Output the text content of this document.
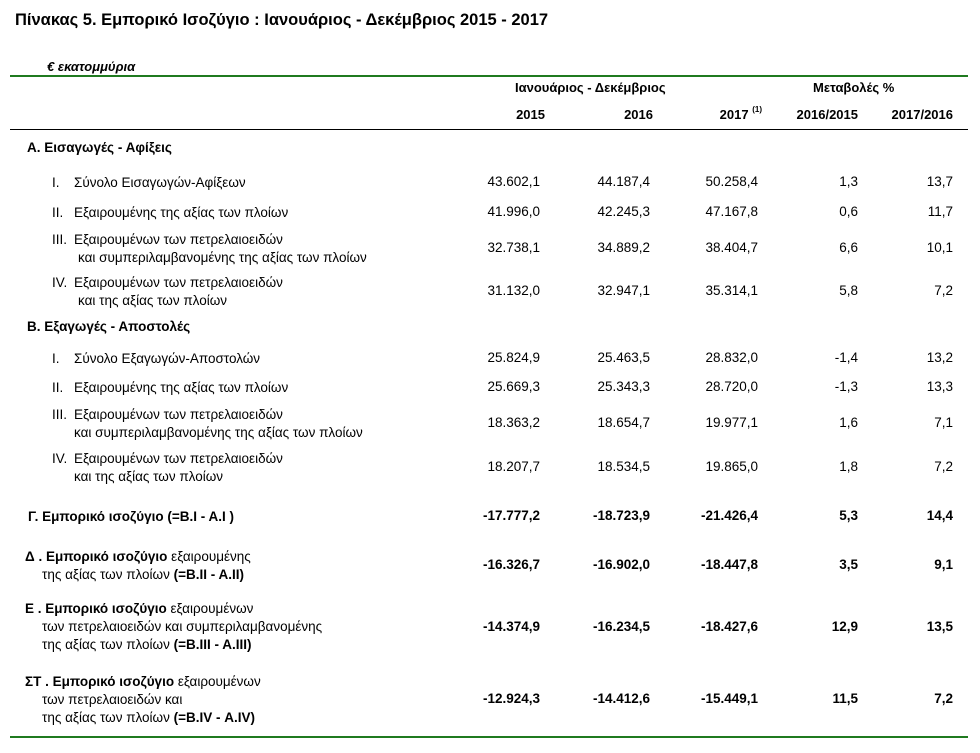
Πίνακας 5. Εμπορικό Ισοζύγιο : Ιανουάριος - Δεκέμβριος 2015 - 2017
€ εκατομμύρια
Ιανουάριος - Δεκέμβριος	Μεταβολές %
2015	2016	2017 $^{(1)}$	2016/2015	2017/2016
Α. Εισαγωγές - Αφίξεις
I. Σύνολο Εισαγωγών-Αφίξεων	43.602,1	44.187,4	50.258,4	1,3	13,7
II. Εξαιρουμένης της αξίας των πλοίων	41.996,0	42.245,3	47.167,8	0,6	11,7
III. Εξαιρουμένων των πετρελαιοειδών
και συμπεριλαμβανομένης της αξίας των πλοίων
32.738,1	34.889,2	38.404,7	6,6	10,1
IV. Εξαιρουμένων των πετρελαιοειδών
και της αξίας των πλοίων
31.132,0	32.947,1	35.314,1	5,8	7,2
Β. Εξαγωγές - Αποστολές
I. Σύνολο Εξαγωγών-Αποστολών	25.824,9	25.463,5	28.832,0	-1,4	13,2
II. Εξαιρουμένης της αξίας των πλοίων	25.669,3	25.343,3	28.720,0	-1,3	13,3
III. Εξαιρουμένων των πετρελαιοειδών
και συμπεριλαμβανομένης της αξίας των πλοίων
18.363,2	18.654,7	19.977,1	1,6	7,1
IV. Εξαιρουμένων των πετρελαιοειδών
και της αξίας των πλοίων
18.207,7	18.534,5	19.865,0	1,8	7,2
Γ. Εμπορικό ισοζύγιο (=Β.Ι - Α.Ι )	-17.777,2	-18.723,9	-21.426,4	5,3	14,4
Δ . Εμπορικό ισοζύγιο εξαιρουμένης
της αξίας των πλοίων (=Β.ΙΙ - Α.ΙΙ)
-16.326,7	-16.902,0	-18.447,8	3,5	9,1
Ε . Εμπορικό ισοζύγιο εξαιρουμένων
των πετρελαιοειδών και συμπεριλαμβανομένης
της αξίας των πλοίων (=Β.ΙΙΙ - Α.ΙΙΙ)
-14.374,9	-16.234,5	-18.427,6	12,9	13,5
ΣΤ . Εμπορικό ισοζύγιο εξαιρουμένων
των πετρελαιοειδών και
της αξίας των πλοίων (=Β.ΙV - Α.ΙV)
-12.924,3	-14.412,6	-15.449,1	11,5	7,2
